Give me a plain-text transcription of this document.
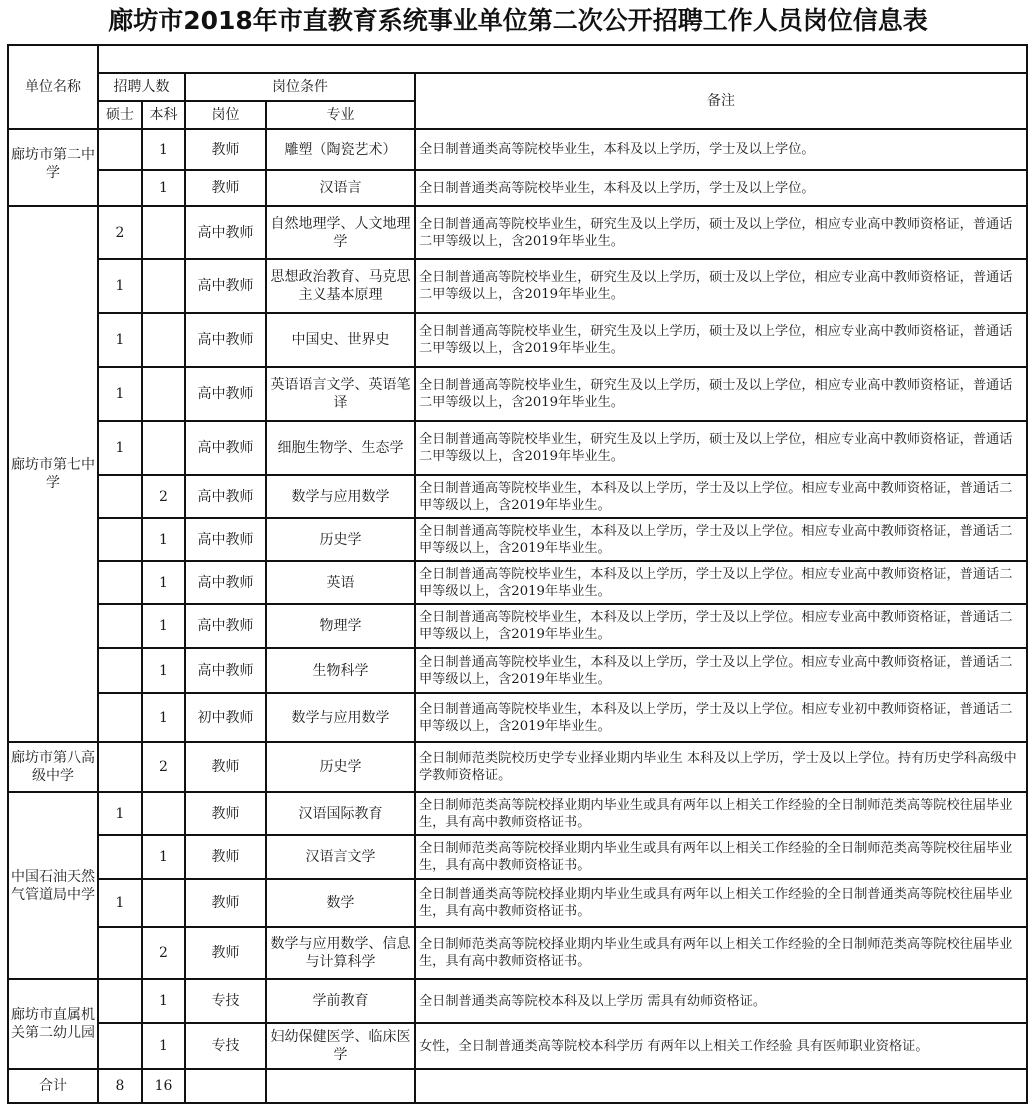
廊坊市2018年市直教育系统事业单位第二次公开招聘工作人员岗位信息表
单位名称					
	招聘人数		岗位条件		备注
	硕士	本科	岗位	专业	
廊坊市第二中学		1	教师	雕塑（陶瓷艺术）	全日制普通类高等院校毕业生，本科及以上学历，学士及以上学位。
		1	教师	汉语言	全日制普通类高等院校毕业生，本科及以上学历，学士及以上学位。
廊坊市第七中学	2		高中教师	自然地理学、人文地理学	全日制普通高等院校毕业生，研究生及以上学历，硕士及以上学位，相应专业高中教师资格证，普通话二甲等级以上，含2019年毕业生。
	1		高中教师	思想政治教育、马克思主义基本原理	全日制普通高等院校毕业生，研究生及以上学历，硕士及以上学位，相应专业高中教师资格证，普通话二甲等级以上，含2019年毕业生。
	1		高中教师	中国史、世界史	全日制普通高等院校毕业生，研究生及以上学历，硕士及以上学位，相应专业高中教师资格证，普通话二甲等级以上，含2019年毕业生。
	1		高中教师	英语语言文学、英语笔译	全日制普通高等院校毕业生，研究生及以上学历，硕士及以上学位，相应专业高中教师资格证，普通话二甲等级以上，含2019年毕业生。
	1		高中教师	细胞生物学、生态学	全日制普通高等院校毕业生，研究生及以上学历，硕士及以上学位，相应专业高中教师资格证，普通话二甲等级以上，含2019年毕业生。
		2	高中教师	数学与应用数学	全日制普通高等院校毕业生，本科及以上学历，学士及以上学位。相应专业高中教师资格证，普通话二甲等级以上，含2019年毕业生。
		1	高中教师	历史学	全日制普通高等院校毕业生，本科及以上学历，学士及以上学位。相应专业高中教师资格证，普通话二甲等级以上，含2019年毕业生。
		1	高中教师	英语	全日制普通高等院校毕业生，本科及以上学历，学士及以上学位。相应专业高中教师资格证，普通话二甲等级以上，含2019年毕业生。
		1	高中教师	物理学	全日制普通高等院校毕业生，本科及以上学历，学士及以上学位。相应专业高中教师资格证，普通话二甲等级以上，含2019年毕业生。
		1	高中教师	生物科学	全日制普通高等院校毕业生，本科及以上学历，学士及以上学位。相应专业高中教师资格证，普通话二甲等级以上，含2019年毕业生。
		1	初中教师	数学与应用数学	全日制普通高等院校毕业生，本科及以上学历，学士及以上学位。相应专业初中教师资格证，普通话二甲等级以上，含2019年毕业生。
廊坊市第八高级中学		2	教师	历史学	全日制师范类院校历史学专业择业期内毕业生 本科及以上学历，学士及以上学位。持有历史学科高级中学教师资格证。
中国石油天然气管道局中学	1		教师	汉语国际教育	全日制师范类高等院校择业期内毕业生或具有两年以上相关工作经验的全日制师范类高等院校往届毕业生，具有高中教师资格证书。
		1	教师	汉语言文学	全日制师范类高等院校择业期内毕业生或具有两年以上相关工作经验的全日制师范类高等院校往届毕业生，具有高中教师资格证书。
	1		教师	数学	全日制普通类高等院校择业期内毕业生或具有两年以上相关工作经验的全日制普通类高等院校往届毕业生，具有高中教师资格证书。
		2	教师	数学与应用数学、信息与计算科学	全日制师范类高等院校择业期内毕业生或具有两年以上相关工作经验的全日制师范类高等院校往届毕业生，具有高中教师资格证书。
廊坊市直属机关第二幼儿园		1	专技	学前教育	全日制普通类高等院校本科及以上学历 需具有幼师资格证。
		1	专技	妇幼保健医学、临床医学	女性，全日制普通类高等院校本科学历 有两年以上相关工作经验 具有医师职业资格证。
合计	8	16			
